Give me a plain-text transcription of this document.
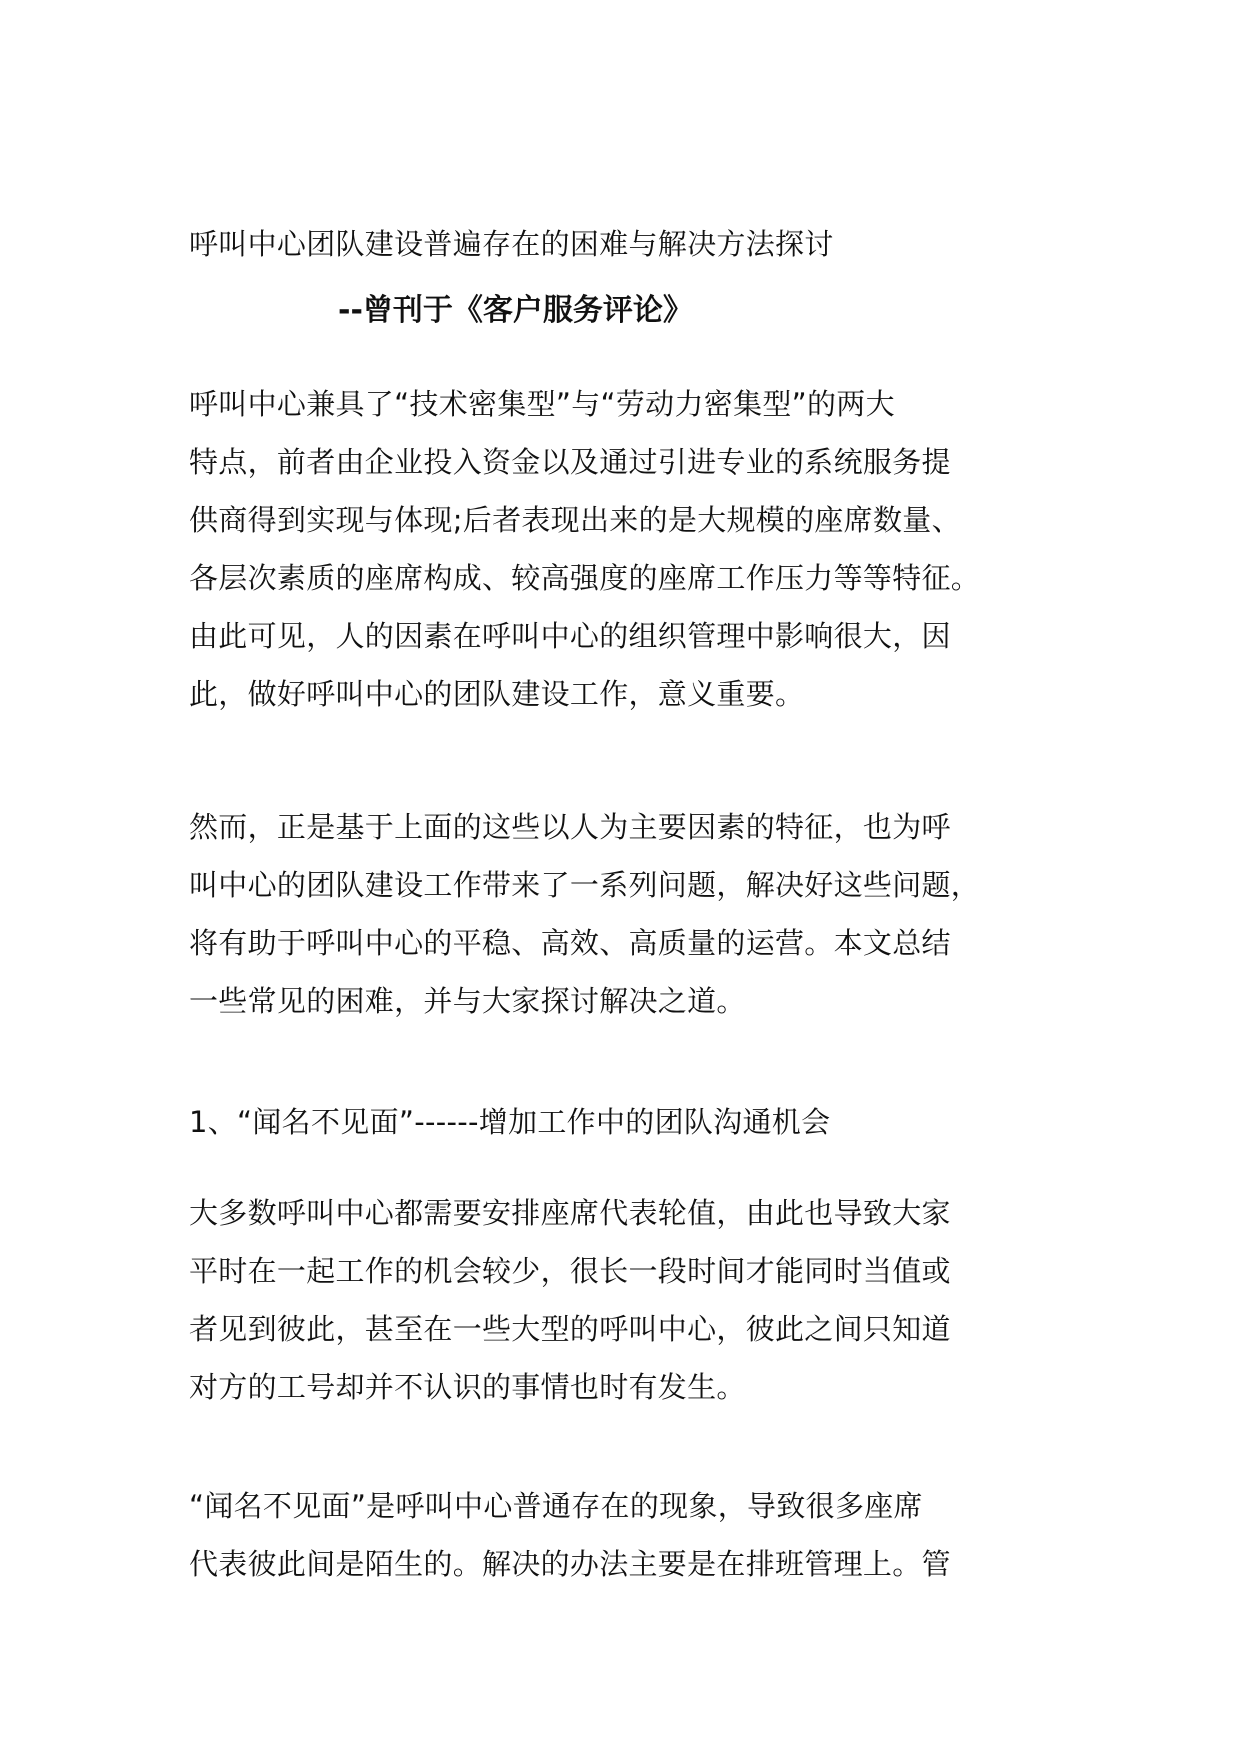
呼叫中心团队建设普遍存在的困难与解决方法探讨

--曾刊于《客户服务评论》

呼叫中心兼具了“技术密集型”与“劳动力密集型”的两大
特点，前者由企业投入资金以及通过引进专业的系统服务提
供商得到实现与体现;后者表现出来的是大规模的座席数量、
各层次素质的座席构成、较高强度的座席工作压力等等特征。
由此可见，人的因素在呼叫中心的组织管理中影响很大，因
此，做好呼叫中心的团队建设工作，意义重要。

然而，正是基于上面的这些以人为主要因素的特征，也为呼
叫中心的团队建设工作带来了一系列问题，解决好这些问题，
将有助于呼叫中心的平稳、高效、高质量的运营。本文总结
一些常见的困难，并与大家探讨解决之道。

1、“闻名不见面”------增加工作中的团队沟通机会

大多数呼叫中心都需要安排座席代表轮值，由此也导致大家
平时在一起工作的机会较少，很长一段时间才能同时当值或
者见到彼此，甚至在一些大型的呼叫中心，彼此之间只知道
对方的工号却并不认识的事情也时有发生。

“闻名不见面”是呼叫中心普通存在的现象，导致很多座席
代表彼此间是陌生的。解决的办法主要是在排班管理上。管
